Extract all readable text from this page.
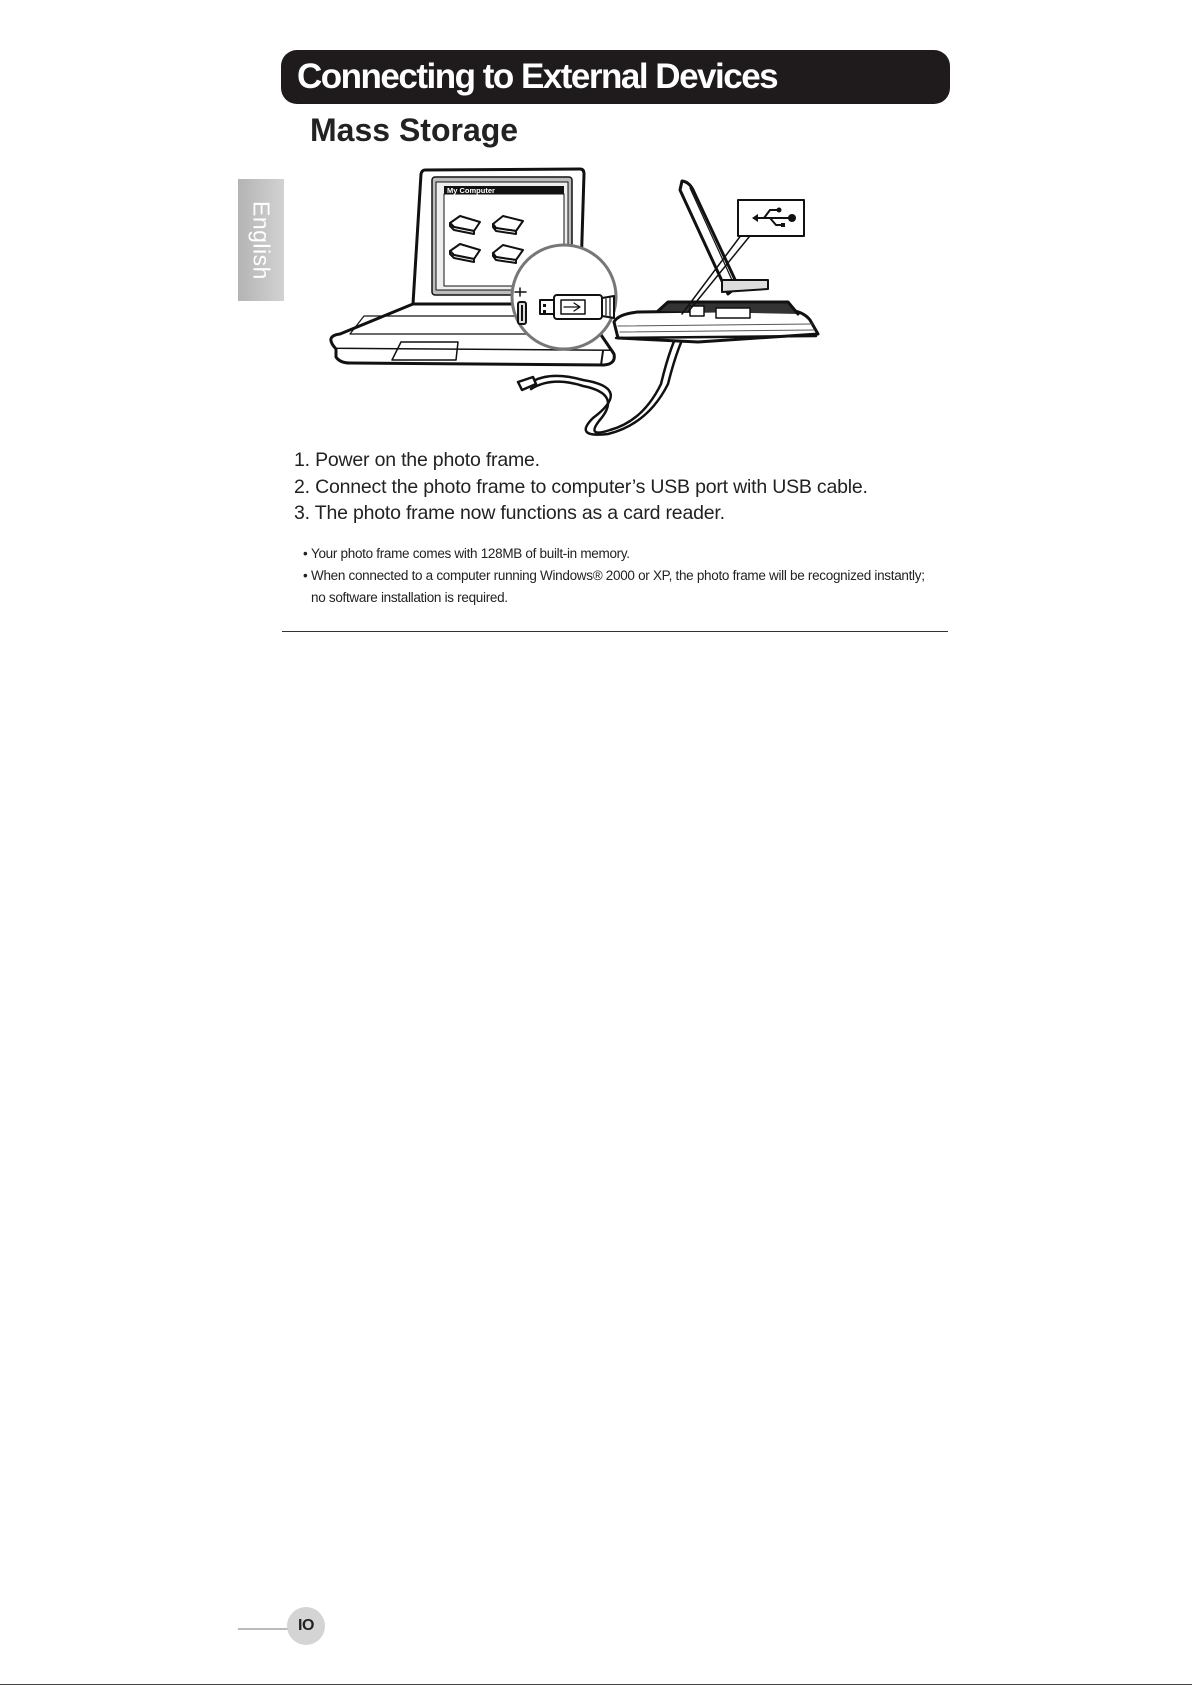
Connecting to External Devices
Mass Storage
English
My Computer
1. Power on the photo frame.
2. Connect the photo frame to computer’s USB port with USB cable.
3. The photo frame now functions as a card reader.
• Your photo frame comes with 128MB of built-in memory.
• When connected to a computer running Windows® 2000 or XP, the photo frame will be recognized instantly;
no software installation is required.
IO
